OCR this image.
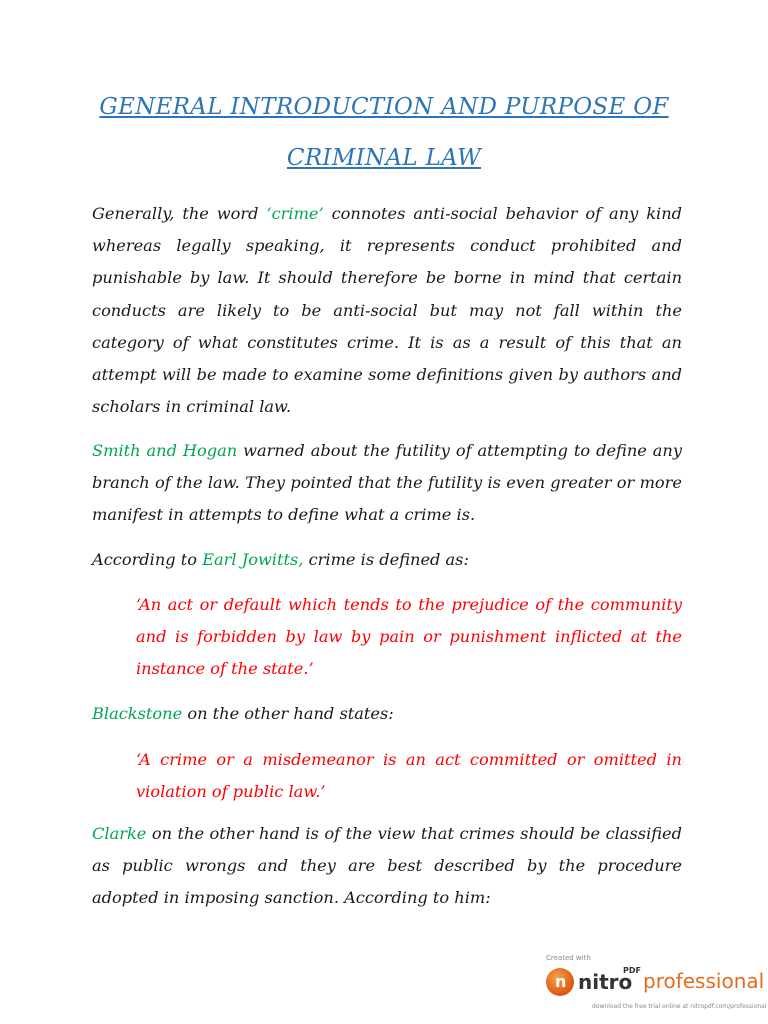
GENERAL INTRODUCTION AND PURPOSE OF
CRIMINAL LAW
Generally, the word ‘crime’ connotes anti-social behavior of any kind whereas legally speaking, it represents conduct prohibited and punishable by law. It should therefore be borne in mind that certain conducts are likely to be anti-social but may not fall within the category of what constitutes crime. It is as a result of this that an attempt will be made to examine some definitions given by authors and scholars in criminal law.
Smith and Hogan warned about the futility of attempting to define any branch of the law. They pointed that the futility is even greater or more manifest in attempts to define what a crime is.
According to Earl Jowitts, crime is defined as:
‘An act or default which tends to the prejudice of the community and is forbidden by law by pain or punishment inflicted at the instance of the state.’
Blackstone on the other hand states:
‘A crime or a misdemeanor is an act committed or omitted in violation of public law.’
Clarke on the other hand is of the view that crimes should be classified as public wrongs and they are best described by the procedure adopted in imposing sanction. According to him:
Created with
n nitro
PDF professional
download the free trial online at nitropdf.com/professional
